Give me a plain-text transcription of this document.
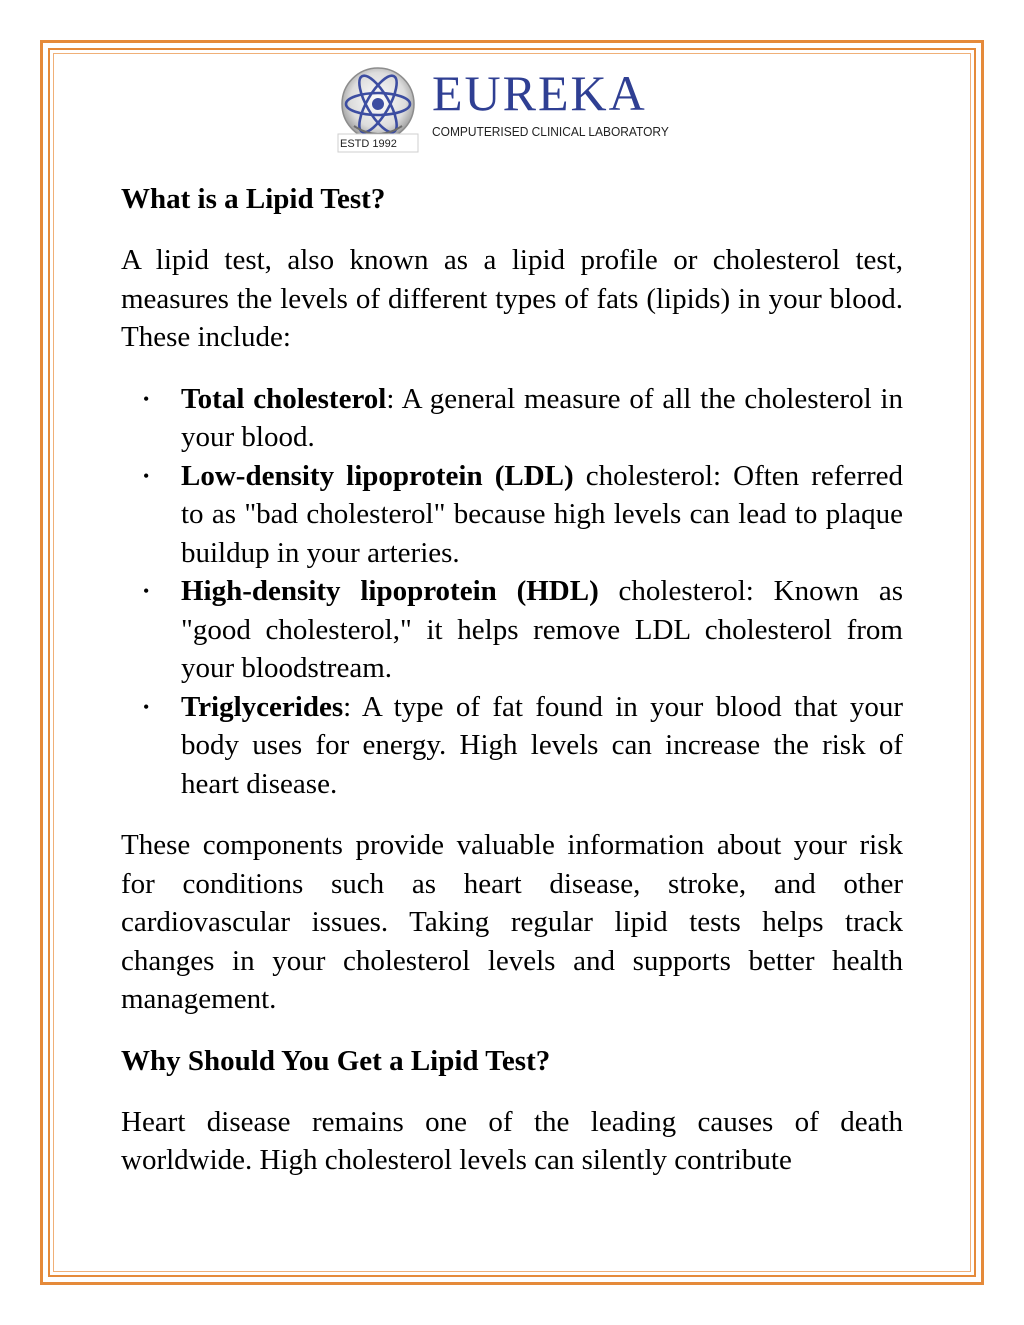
ESTD 1992
EUREKA
COMPUTERISED CLINICAL LABORATORY
What is a Lipid Test?

A lipid test, also known as a lipid profile or cholesterol test, measures the levels of different types of fats (lipids) in your blood. These include:

• Total cholesterol: A general measure of all the cholesterol in your blood.
• Low-density lipoprotein (LDL) cholesterol: Often referred to as "bad cholesterol" because high levels can lead to plaque buildup in your arteries.
• High-density lipoprotein (HDL) cholesterol: Known as "good cholesterol," it helps remove LDL cholesterol from your bloodstream.
• Triglycerides: A type of fat found in your blood that your body uses for energy. High levels can increase the risk of heart disease.

These components provide valuable information about your risk for conditions such as heart disease, stroke, and other cardiovascular issues. Taking regular lipid tests helps track changes in your cholesterol levels and supports better health management.

Why Should You Get a Lipid Test?

Heart disease remains one of the leading causes of death worldwide. High cholesterol levels can silently contribute
